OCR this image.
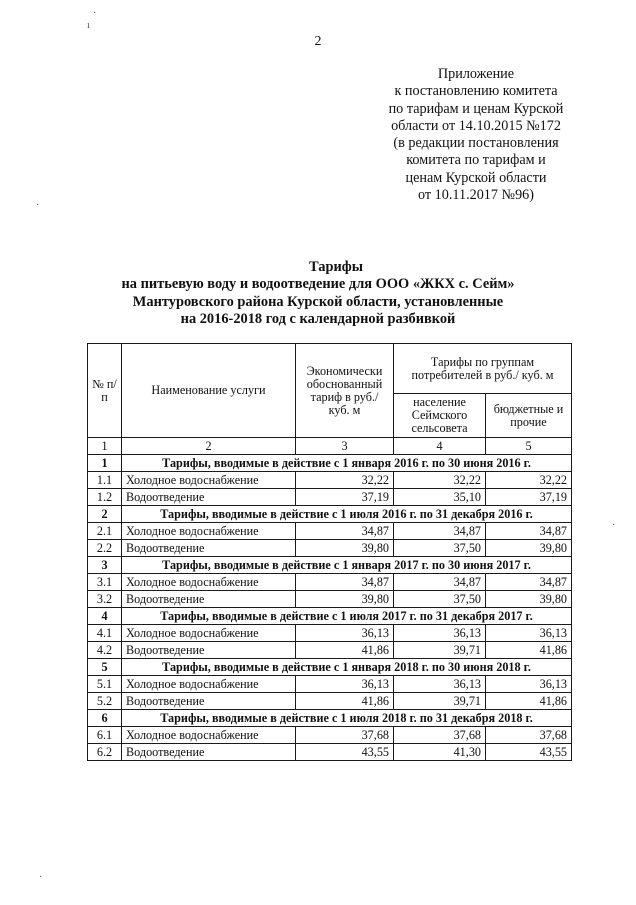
2
Приложение
к постановлению комитета
по тарифам и ценам Курской
области от 14.10.2015 №172
(в редакции постановления
комитета по тарифам и
ценам Курской области
от 10.11.2017 №96)
Тарифы
на питьевую воду и водоотведение для ООО «ЖКХ с. Сейм»
Мантуровского района Курской области, установленные
на 2016-2018 год с календарной разбивкой
№ п/п	Наименование услуги	Экономически обоснованный тариф в руб./ куб. м	Тарифы по группам потребителей в руб./ куб. м	
			население Сеймского сельсовета	бюджетные и прочие
1	2	3	4	5
1	Тарифы, вводимые в действие с 1 января 2016 г. по 30 июня 2016 г.			
1.1	Холодное водоснабжение	32,22	32,22	32,22
1.2	Водоотведение	37,19	35,10	37,19
2	Тарифы, вводимые в действие с 1 июля 2016 г. по 31 декабря 2016 г.			
2.1	Холодное водоснабжение	34,87	34,87	34,87
2.2	Водоотведение	39,80	37,50	39,80
3	Тарифы, вводимые в действие с 1 января 2017 г. по 30 июня 2017 г.			
3.1	Холодное водоснабжение	34,87	34,87	34,87
3.2	Водоотведение	39,80	37,50	39,80
4	Тарифы, вводимые в действие с 1 июля 2017 г. по 31 декабря 2017 г.			
4.1	Холодное водоснабжение	36,13	36,13	36,13
4.2	Водоотведение	41,86	39,71	41,86
5	Тарифы, вводимые в действие с 1 января 2018 г. по 30 июня 2018 г.			
5.1	Холодное водоснабжение	36,13	36,13	36,13
5.2	Водоотведение	41,86	39,71	41,86
6	Тарифы, вводимые в действие с 1 июля 2018 г. по 31 декабря 2018 г.			
6.1	Холодное водоснабжение	37,68	37,68	37,68
6.2	Водоотведение	43,55	41,30	43,55
·
ı
·
·
·
